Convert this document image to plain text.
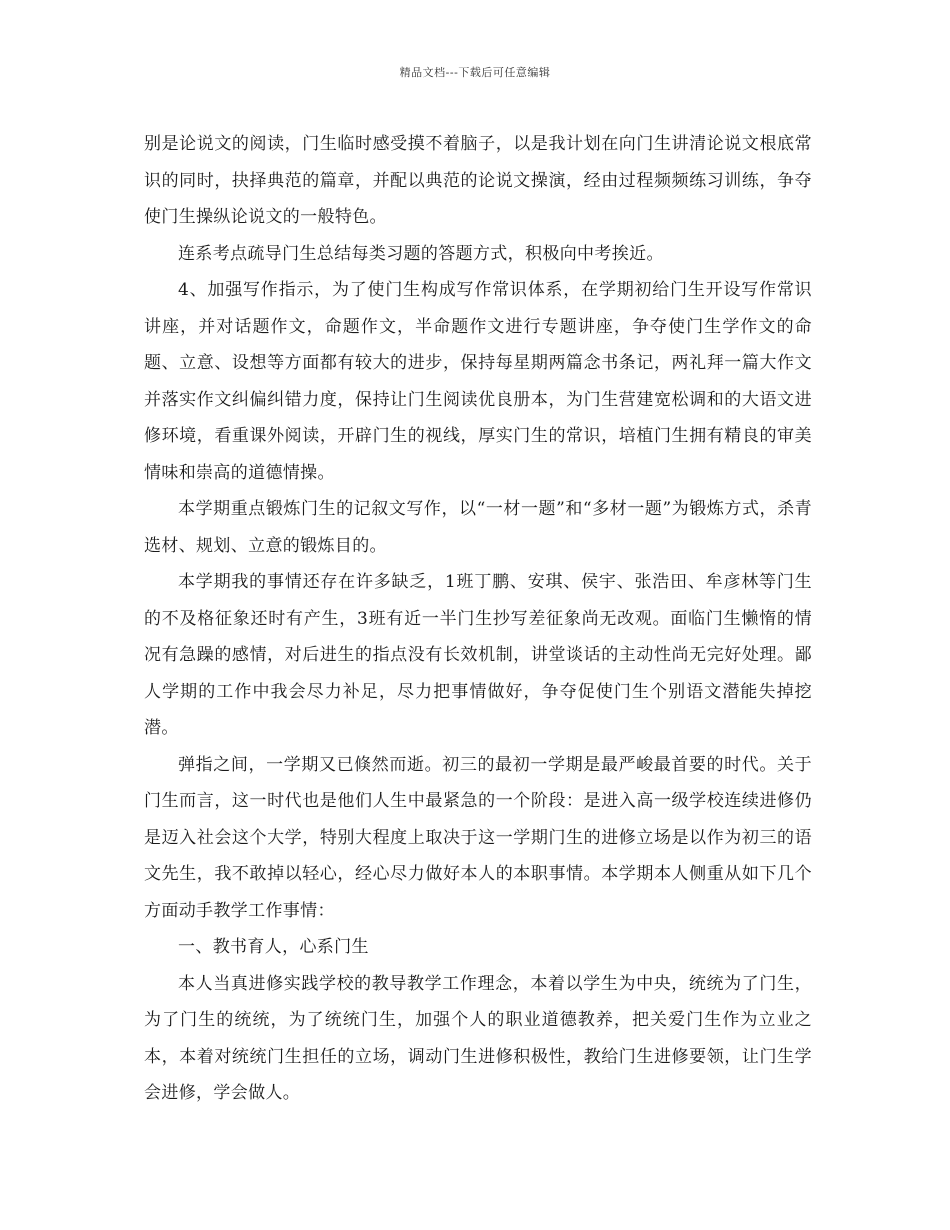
精品文档---下载后可任意编辑

别是论说文的阅读，门生临时感受摸不着脑子，以是我计划在向门生讲清论说文根底常识的同时，抉择典范的篇章，并配以典范的论说文操演，经由过程频频练习训练，争夺使门生操纵论说文的一般特色。

连系考点疏导门生总结每类习题的答题方式，积极向中考挨近。

4、加强写作指示，为了使门生构成写作常识体系，在学期初给门生开设写作常识讲座，并对话题作文，命题作文，半命题作文进行专题讲座，争夺使门生学作文的命题、立意、设想等方面都有较大的进步，保持每星期两篇念书条记，两礼拜一篇大作文并落实作文纠偏纠错力度，保持让门生阅读优良册本，为门生营建宽松调和的大语文进修环境，看重课外阅读，开辟门生的视线，厚实门生的常识，培植门生拥有精良的审美情味和崇高的道德情操。

本学期重点锻炼门生的记叙文写作，以“一材一题”和“多材一题”为锻炼方式，杀青选材、规划、立意的锻炼目的。

本学期我的事情还存在许多缺乏，1班丁鹏、安琪、侯宇、张浩田、牟彦林等门生的不及格征象还时有产生，3班有近一半门生抄写差征象尚无改观。面临门生懒惰的情况有急躁的感情，对后进生的指点没有长效机制，讲堂谈话的主动性尚无完好处理。鄙人学期的工作中我会尽力补足，尽力把事情做好，争夺促使门生个别语文潜能失掉挖潜。

弹指之间，一学期又已倏然而逝。初三的最初一学期是最严峻最首要的时代。关于门生而言，这一时代也是他们人生中最紧急的一个阶段：是进入高一级学校连续进修仍是迈入社会这个大学，特别大程度上取决于这一学期门生的进修立场是以作为初三的语文先生，我不敢掉以轻心，经心尽力做好本人的本职事情。本学期本人侧重从如下几个方面动手教学工作事情：

一、教书育人，心系门生

本人当真进修实践学校的教导教学工作理念，本着以学生为中央，统统为了门生，为了门生的统统，为了统统门生，加强个人的职业道德教养，把关爱门生作为立业之本，本着对统统门生担任的立场，调动门生进修积极性，教给门生进修要领，让门生学会进修，学会做人。
